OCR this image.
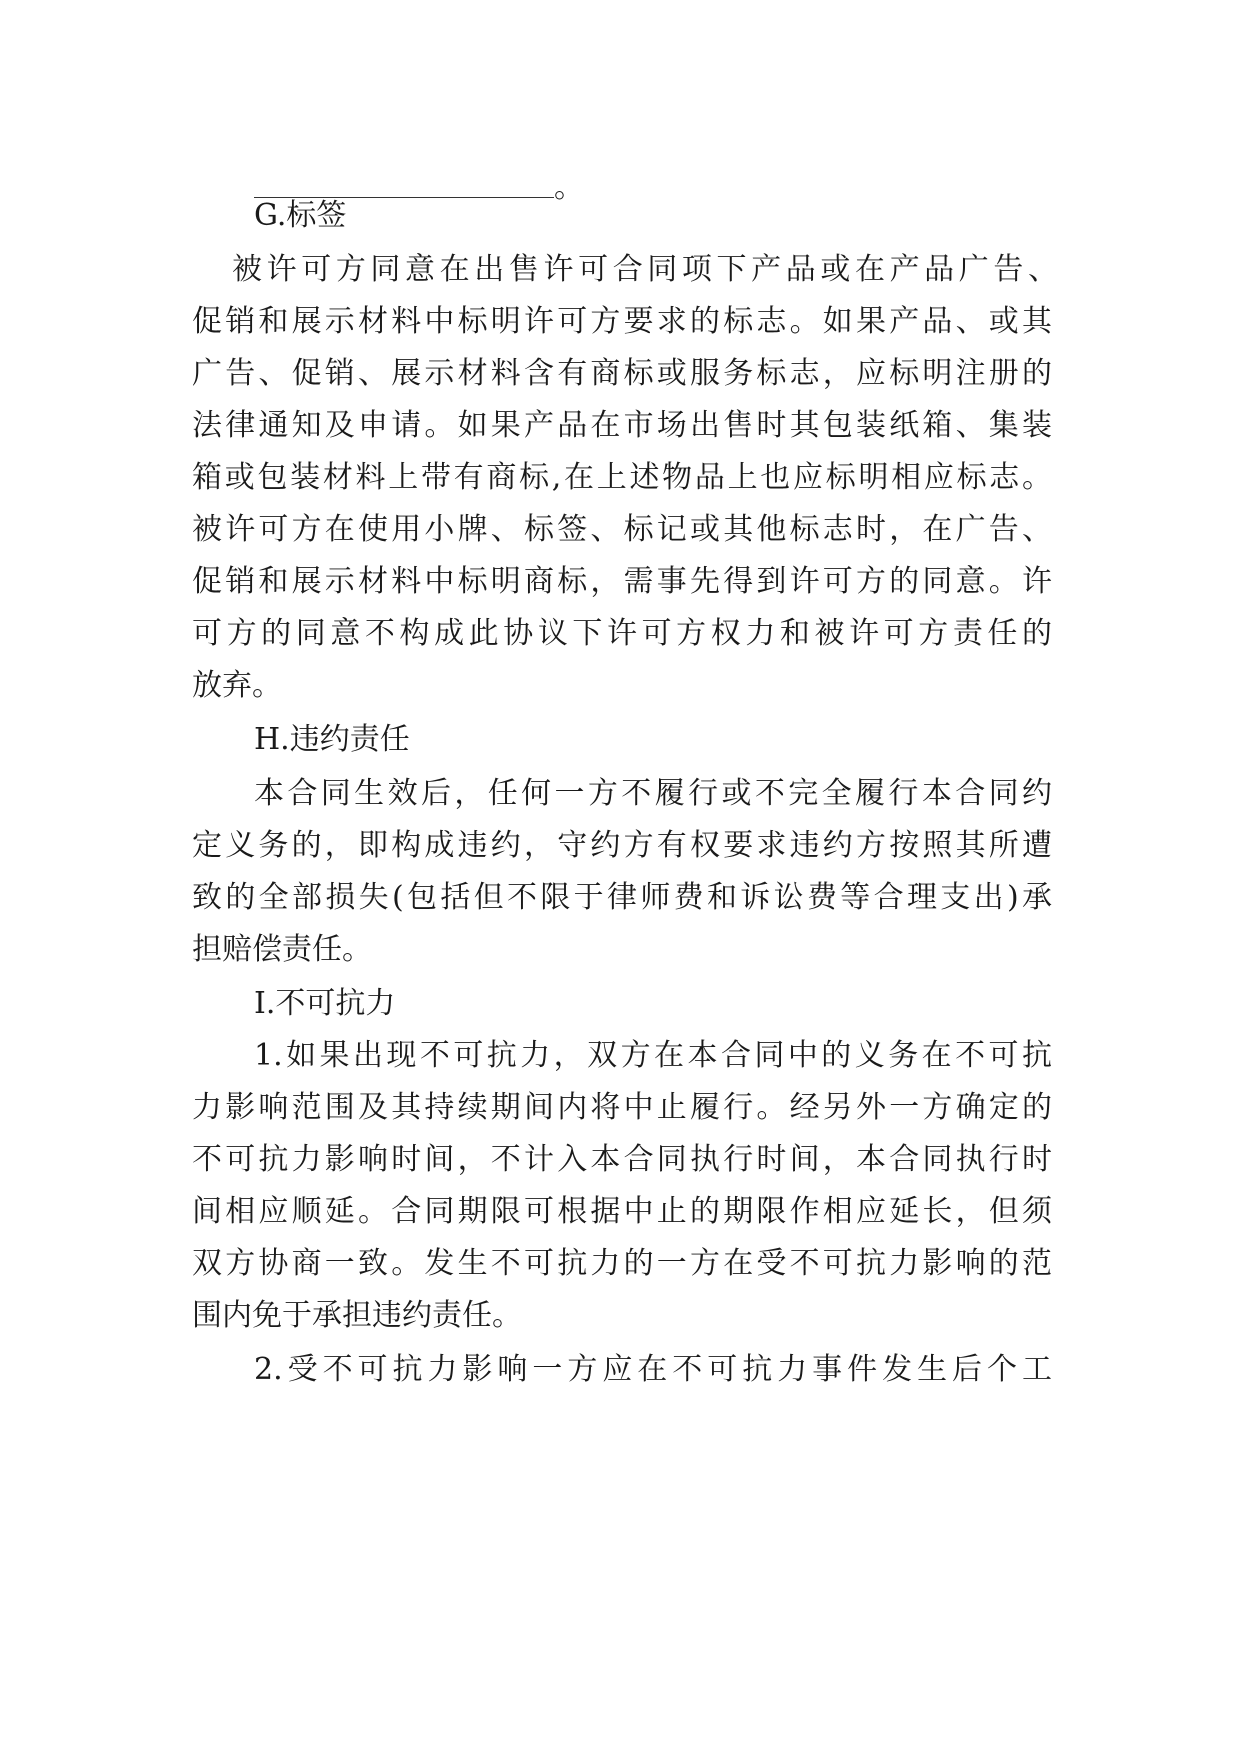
。
G.标签
被许可方同意在出售许可合同项下产品或在产品广告、
促销和展示材料中标明许可方要求的标志。如果产品、或其
广告、促销、展示材料含有商标或服务标志，应标明注册的
法律通知及申请。如果产品在市场出售时其包装纸箱、集装
箱或包装材料上带有商标,在上述物品上也应标明相应标志。
被许可方在使用小牌、标签、标记或其他标志时，在广告、
促销和展示材料中标明商标，需事先得到许可方的同意。许
可方的同意不构成此协议下许可方权力和被许可方责任的
放弃。
H.违约责任
本合同生效后，任何一方不履行或不完全履行本合同约
定义务的，即构成违约，守约方有权要求违约方按照其所遭
致的全部损失(包括但不限于律师费和诉讼费等合理支出)承
担赔偿责任。
I.不可抗力
1.如果出现不可抗力，双方在本合同中的义务在不可抗
力影响范围及其持续期间内将中止履行。经另外一方确定的
不可抗力影响时间，不计入本合同执行时间，本合同执行时
间相应顺延。合同期限可根据中止的期限作相应延长，但须
双方协商一致。发生不可抗力的一方在受不可抗力影响的范
围内免于承担违约责任。
2.受不可抗力影响一方应在不可抗力事件发生后个工
